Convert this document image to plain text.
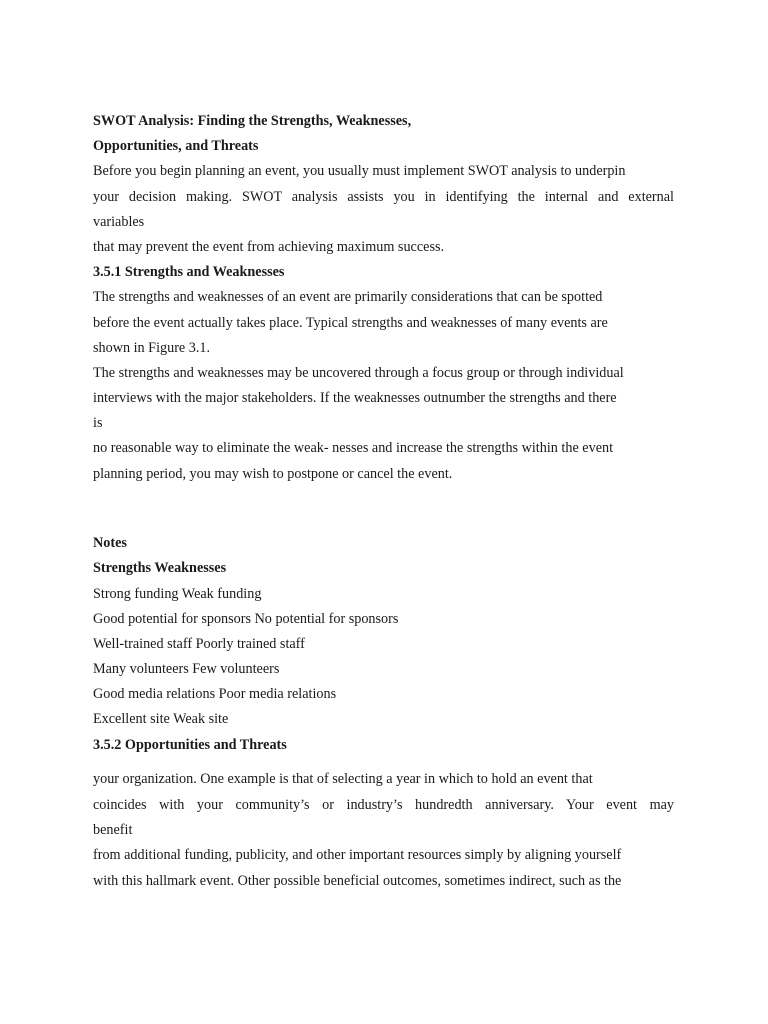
SWOT Analysis: Finding the Strengths, Weaknesses,
Opportunities, and Threats
Before you begin planning an event, you usually must implement SWOT analysis to underpin
your decision making. SWOT analysis assists you in identifying the internal and external
variables
that may prevent the event from achieving maximum success.
3.5.1 Strengths and Weaknesses
The strengths and weaknesses of an event are primarily considerations that can be spotted
before the event actually takes place. Typical strengths and weaknesses of many events are
shown in Figure 3.1.
The strengths and weaknesses may be uncovered through a focus group or through individual
interviews with the major stakeholders. If the weaknesses outnumber the strengths and there
is
no reasonable way to eliminate the weak- nesses and increase the strengths within the event
planning period, you may wish to postpone or cancel the event.
Notes
Strengths Weaknesses
Strong funding Weak funding
Good potential for sponsors No potential for sponsors
Well-trained staff Poorly trained staff
Many volunteers Few volunteers
Good media relations Poor media relations
Excellent site Weak site
3.5.2 Opportunities and Threats
your organization. One example is that of selecting a year in which to hold an event that
coincides with your community’s or industry’s hundredth anniversary. Your event may
benefit
from additional funding, publicity, and other important resources simply by aligning yourself
with this hallmark event. Other possible beneficial outcomes, sometimes indirect, such as the
